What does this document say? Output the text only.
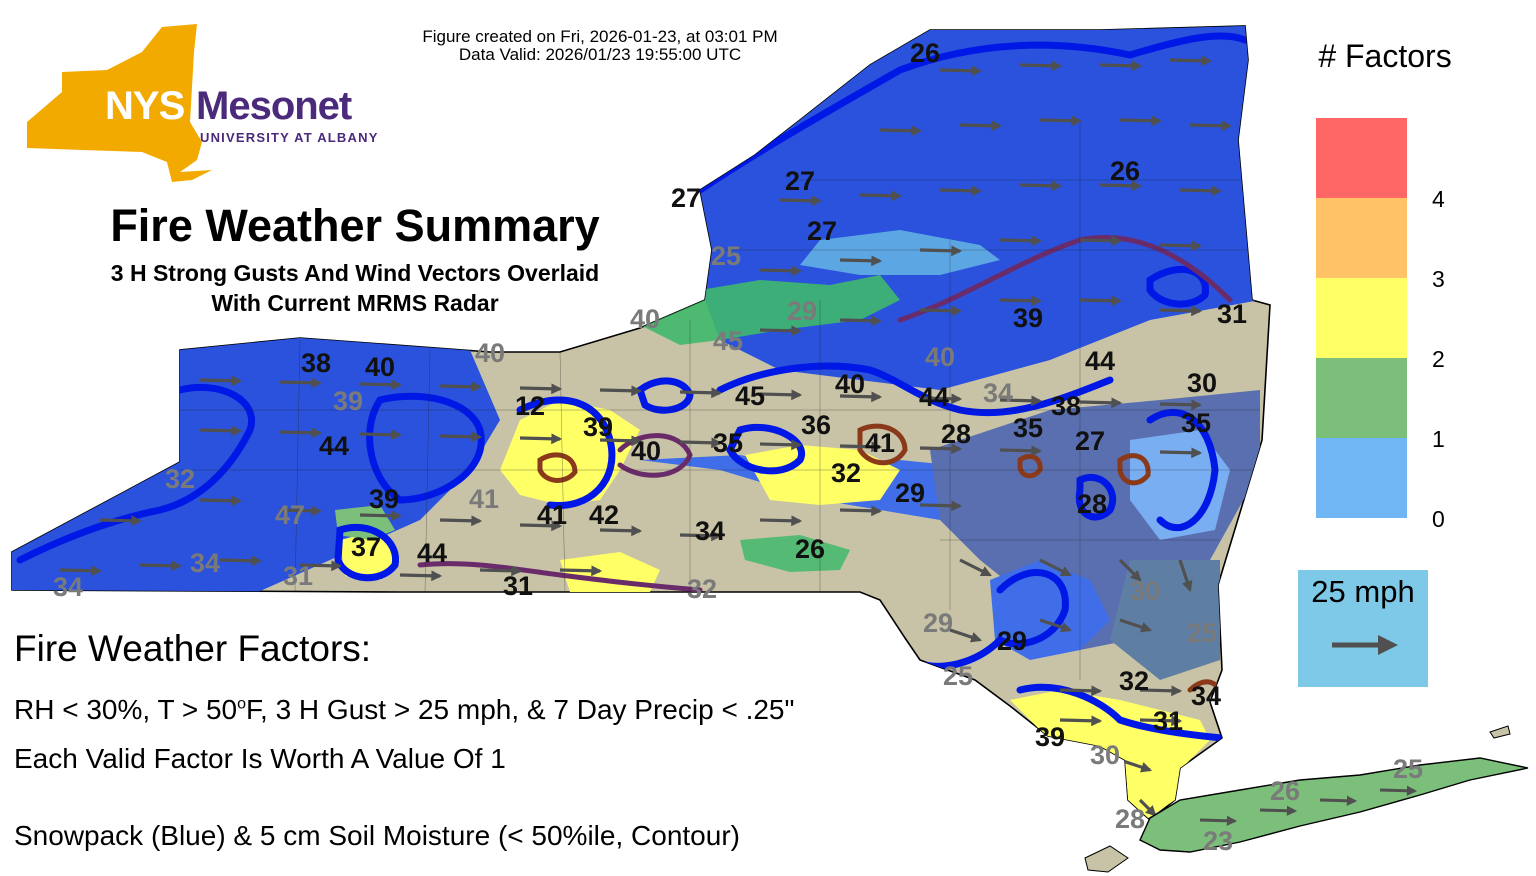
26
27
27
26
27
25
29	39	31
40
45
40
38 40	40	44
30
45	40 44 34 38
39	12
39	36	35	35
44	40 35	41 28	27
32
29	28
32
39
47
41
41 42
34
26
37 44
34 31	31
34	32	30
29
29	25
25	32 34
31
39
30
28
25
26
23
NYS Mesonet
UNIVERSITY AT ALBANY
Figure created on Fri, 2026-01-23, at 03:01 PM
Data Valid: 2026/01/23 19:55:00 UTC
Fire Weather Summary
3 H Strong Gusts And Wind Vectors Overlaid
With Current MRMS Radar
Fire Weather Factors:
RH < 30%, $T > 50^oF$, 3 H Gust > 25 mph, & 7 Day Precip < .25"
Each Valid Factor Is Worth A Value Of 1
Snowpack (Blue) & 5 cm Soil Moisture (< 50%ile, Contour)
# Factors
4
3
2
1
0
25 mph
